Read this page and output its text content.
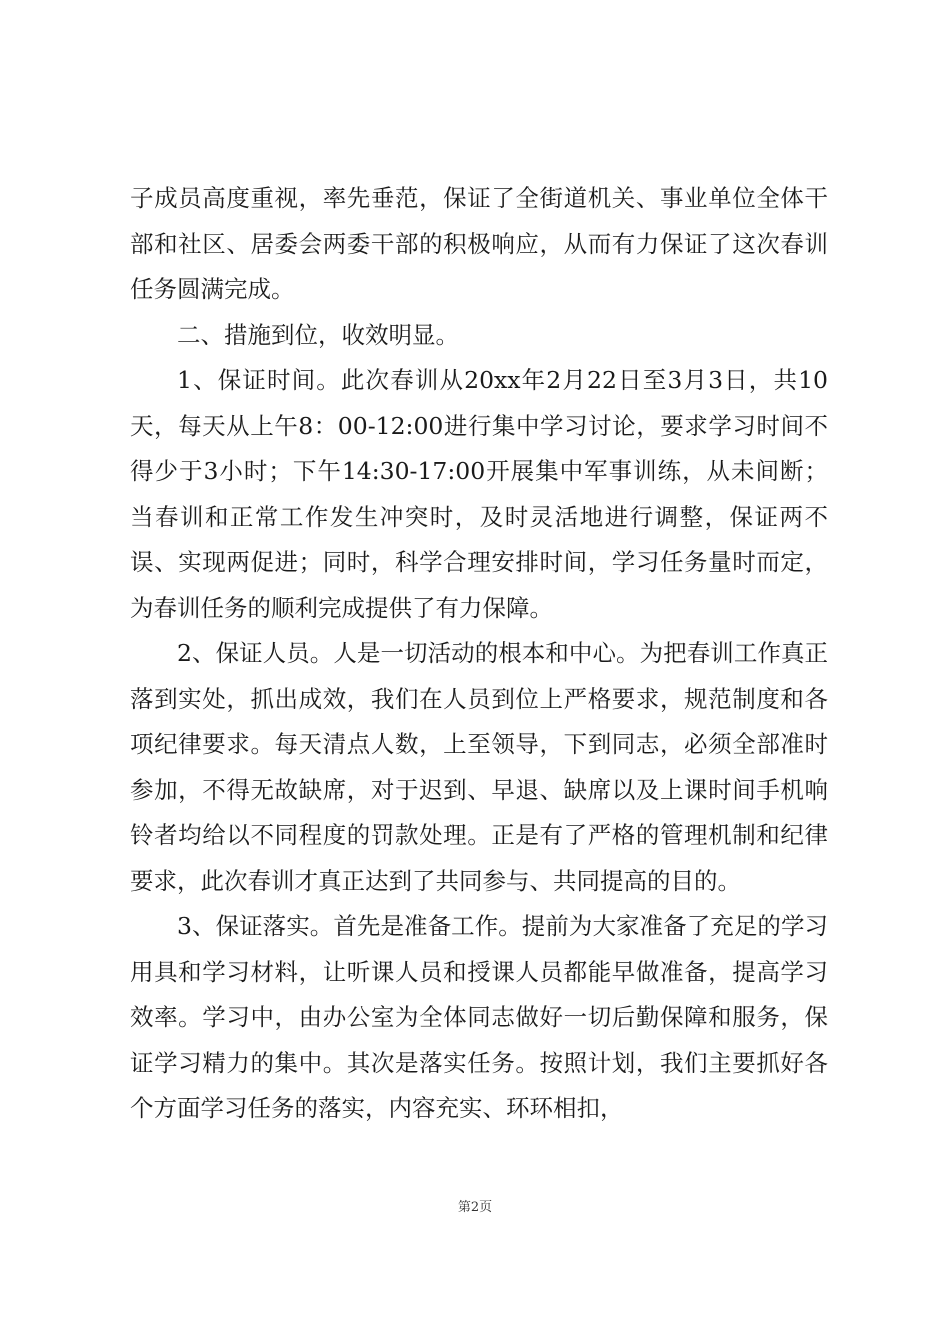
子成员高度重视，率先垂范，保证了全街道机关、事业单位全体干部和社区、居委会两委干部的积极响应，从而有力保证了这次春训任务圆满完成。

二、措施到位，收效明显。

1、保证时间。此次春训从20xx年2月22日至3月3日，共10天，每天从上午8：00-12:00进行集中学习讨论，要求学习时间不得少于3小时；下午14:30-17:00开展集中军事训练，从未间断；当春训和正常工作发生冲突时，及时灵活地进行调整，保证两不误、实现两促进；同时，科学合理安排时间，学习任务量时而定，为春训任务的顺利完成提供了有力保障。

2、保证人员。人是一切活动的根本和中心。为把春训工作真正落到实处，抓出成效，我们在人员到位上严格要求，规范制度和各项纪律要求。每天清点人数，上至领导，下到同志，必须全部准时参加，不得无故缺席，对于迟到、早退、缺席以及上课时间手机响铃者均给以不同程度的罚款处理。正是有了严格的管理机制和纪律要求，此次春训才真正达到了共同参与、共同提高的目的。

3、保证落实。首先是准备工作。提前为大家准备了充足的学习用具和学习材料，让听课人员和授课人员都能早做准备，提高学习效率。学习中，由办公室为全体同志做好一切后勤保障和服务，保证学习精力的集中。其次是落实任务。按照计划，我们主要抓好各个方面学习任务的落实，内容充实、环环相扣，

第2页
